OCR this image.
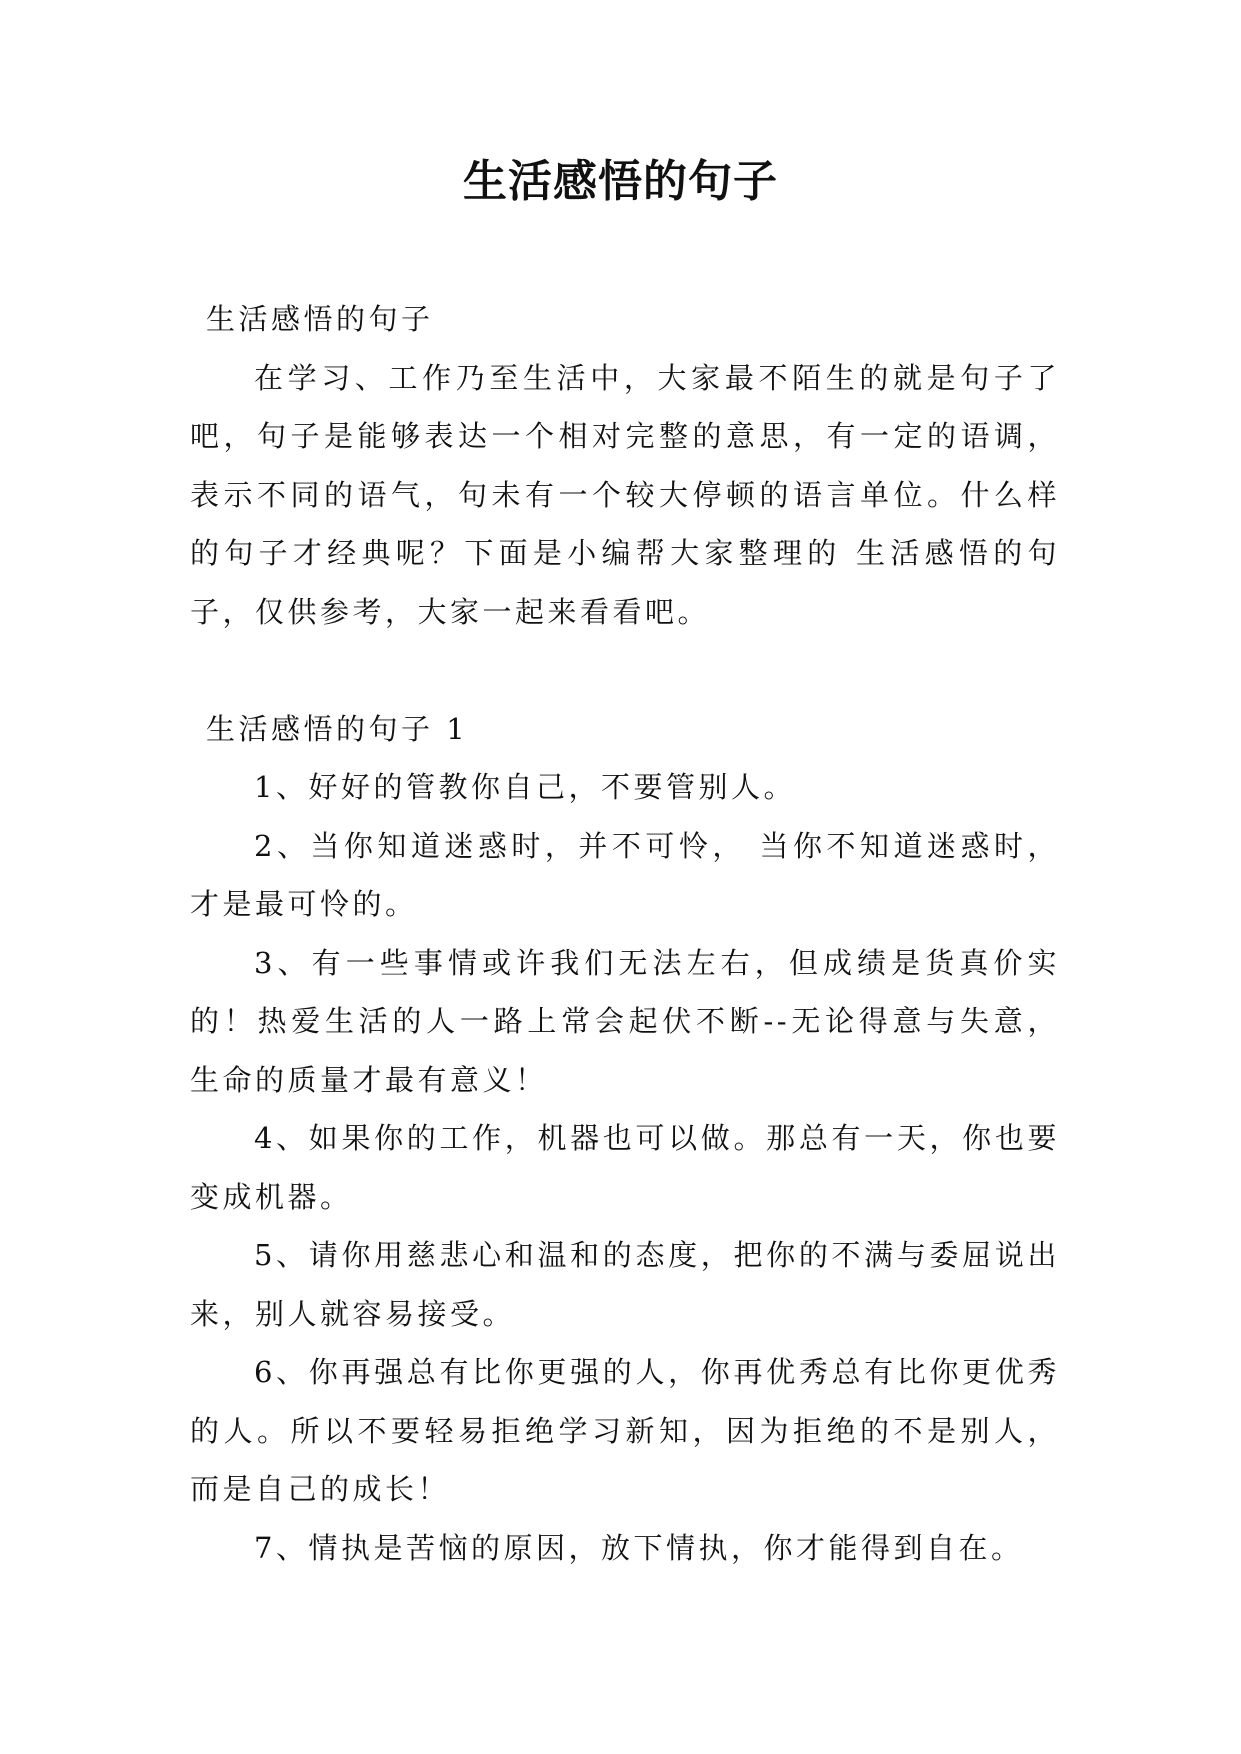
生活感悟的句子

生活感悟的句子

在学习、工作乃至生活中，大家最不陌生的就是句子了吧，句子是能够表达一个相对完整的意思，有一定的语调，表示不同的语气，句未有一个较大停顿的语言单位。什么样的句子才经典呢？下面是小编帮大家整理的 生活感悟的句子，仅供参考，大家一起来看看吧。

生活感悟的句子 1

1、好好的管教你自己，不要管别人。

2、当你知道迷惑时，并不可怜， 当你不知道迷惑时，才是最可怜的。

3、有一些事情或许我们无法左右，但成绩是货真价实的！热爱生活的人一路上常会起伏不断--无论得意与失意，生命的质量才最有意义！

4、如果你的工作，机器也可以做。那总有一天，你也要变成机器。

5、请你用慈悲心和温和的态度，把你的不满与委屈说出来，别人就容易接受。

6、你再强总有比你更强的人，你再优秀总有比你更优秀的人。所以不要轻易拒绝学习新知，因为拒绝的不是别人，而是自己的成长！

7、情执是苦恼的原因，放下情执，你才能得到自在。
